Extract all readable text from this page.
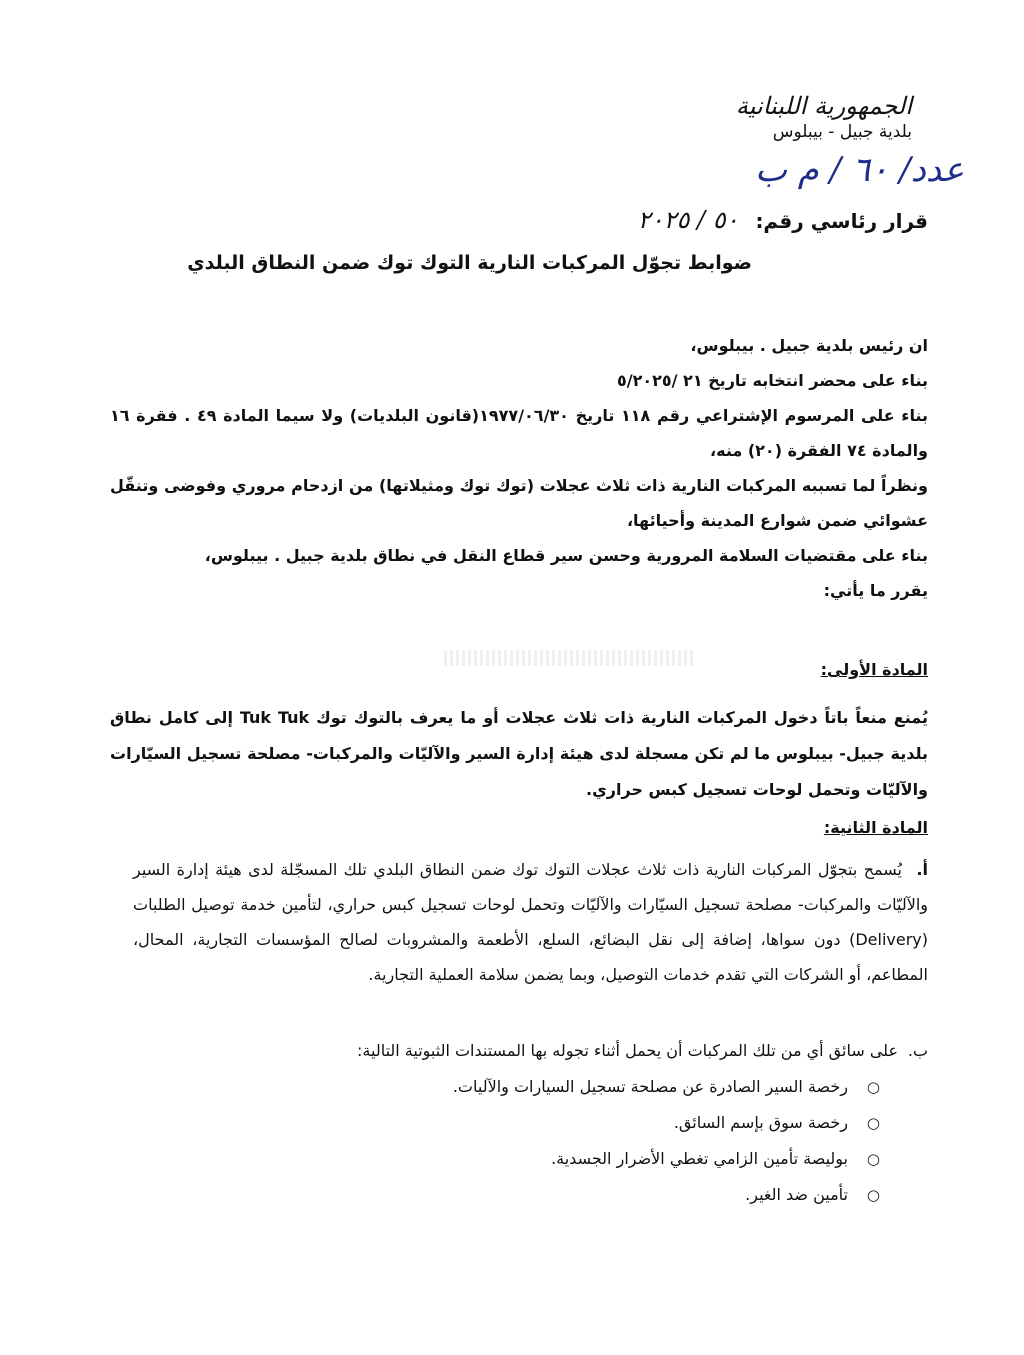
الجمهورية اللبنانية
بلدية جبيل - بيبلوس
عدد/ ٦٠ / م ب
قرار رئاسي رقم: ٥٠ / ٢٠٢٥
ضوابط تجوّل المركبات النارية التوك توك ضمن النطاق البلدي

ان رئيس بلدية جبيل . بيبلوس،

بناء على محضر انتخابه تاريخ ٢١ /٥/٢٠٢٥

بناء على المرسوم الإشتراعي رقم ١١٨ تاريخ ١٩٧٧/٠٦/٣٠(قانون البلديات) ولا سيما المادة ٤٩ . فقرة ١٦ والمادة ٧٤ الفقرة (٢٠) منه،

ونظراً لما تسببه المركبات النارية ذات ثلاث عجلات (توك توك ومثيلاتها) من ازدحام مروري وفوضى وتنقّل عشوائي ضمن شوارع المدينة وأحيائها،

بناء على مقتضيات السلامة المرورية وحسن سير قطاع النقل في نطاق بلدية جبيل . بيبلوس،

يقرر ما يأتي:

المادة الأولى:
يُمنع منعاً باتاً دخول المركبات النارية ذات ثلاث عجلات أو ما يعرف بالتوك توك Tuk Tuk إلى كامل نطاق بلدية جبيل- بيبلوس ما لم تكن مسجلة لدى هيئة إدارة السير والآليّات والمركبات- مصلحة تسجيل السيّارات والآليّات وتحمل لوحات تسجيل كبس حراري.
المادة الثانية:

أ.يُسمح بتجوّل المركبات النارية ذات ثلاث عجلات التوك توك ضمن النطاق البلدي تلك المسجّلة لدى هيئة إدارة السير والآليّات والمركبات- مصلحة تسجيل السيّارات والآليّات وتحمل لوحات تسجيل كبس حراري، لتأمين خدمة توصيل الطلبات (Delivery) دون سواها، إضافة إلى نقل البضائع، السلع، الأطعمة والمشروبات لصالح المؤسسات التجارية، المحال، المطاعم، أو الشركات التي تقدم خدمات التوصيل، وبما يضمن سلامة العملية التجارية.

ب.على سائق أي من تلك المركبات أن يحمل أثناء تجوله بها المستندات الثبوتية التالية:
○ رخصة السير الصادرة عن مصلحة تسجيل السيارات والآليات.
○ رخصة سوق بإسم السائق.
○ بوليصة تأمين الزامي تغطي الأضرار الجسدية.
○ تأمين ضد الغير.
